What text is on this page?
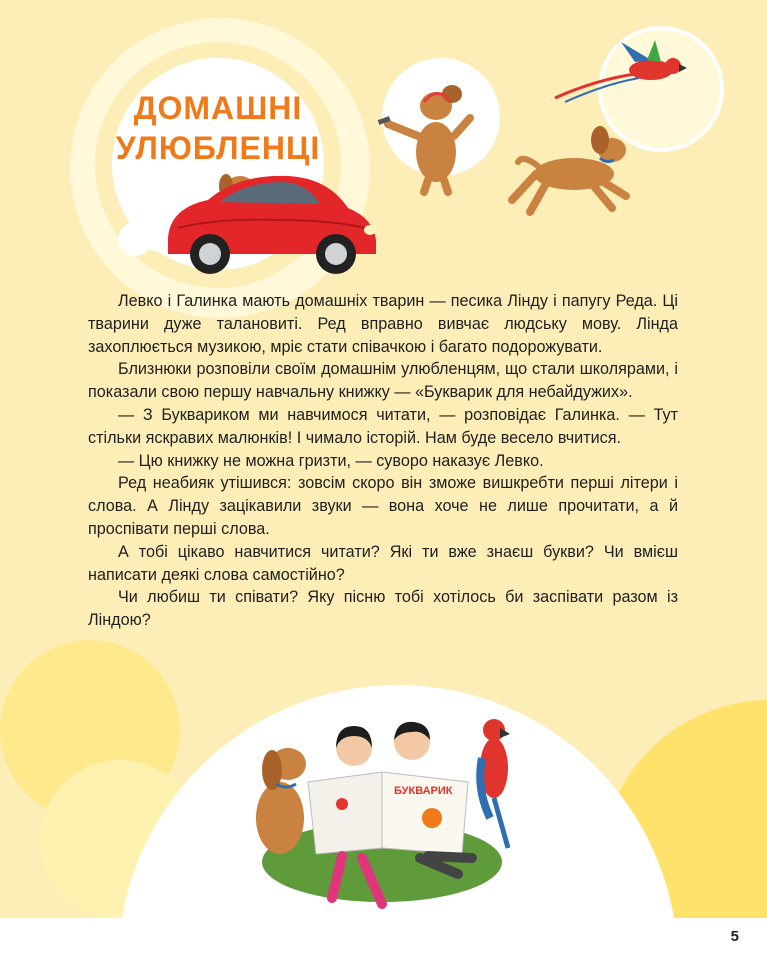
ДОМАШНІ
УЛЮБЛЕНЦІ

Левко і Галинка мають домашніх тварин — песика Лінду і папугу Реда. Ці тварини дуже талановиті. Ред вправно вивчає людську мову. Лінда захоплюється музикою, мріє стати співачкою і багато подорожувати.

Близнюки розповіли своїм домашнім улюбленцям, що стали школярами, і показали свою першу навчальну книжку — «Букварик для небайдужих».

— З Буквариком ми навчимося читати, — розповідає Галинка. — Тут стільки яскравих малюнків! І чимало історій. Нам буде весело вчитися.

— Цю книжку не можна гризти, — суворо наказує Левко.

Ред неабияк утішився: зовсім скоро він зможе вишкребти перші літери і слова. А Лінду зацікавили звуки — вона хоче не лише прочитати, а й проспівати перші слова.

А тобі цікаво навчитися читати? Які ти вже знаєш букви? Чи вмієш написати деякі слова самостійно?

Чи любиш ти співати? Яку пісню тобі хотілось би заспівати разом із Ліндою?

БУКВАРИК
5
